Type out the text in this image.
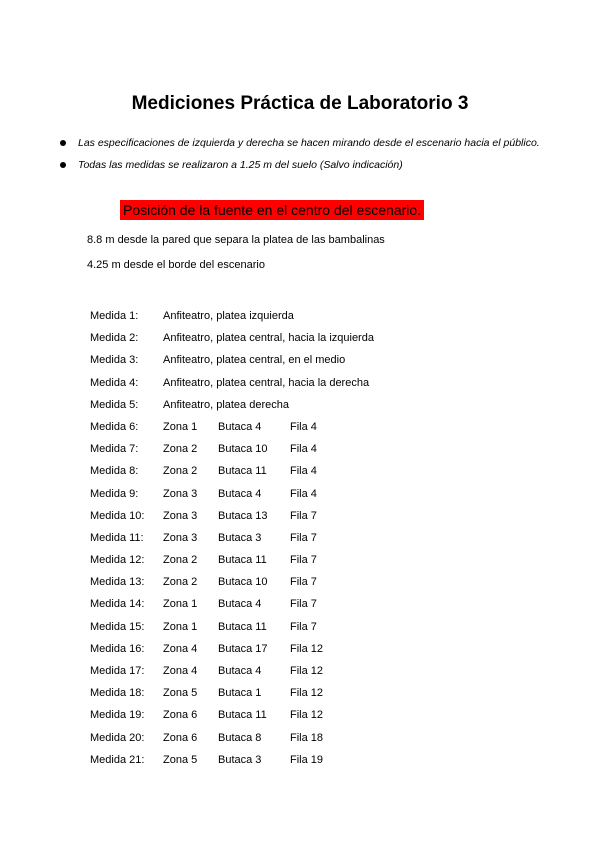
Mediciones Práctica de Laboratorio 3
Las especificaciones de izquierda y derecha se hacen mirando desde el escenario hacia el público.
Todas las medidas se realizaron a 1.25 m del suelo (Salvo indicación)
Posición de la fuente en el centro del escenario.
8.8 m desde la pared que separa la platea de las bambalinas
4.25 m desde el borde del escenario
Medida 1: Anfiteatro, platea izquierda
Medida 2: Anfiteatro, platea central, hacia la izquierda
Medida 3: Anfiteatro, platea central, en el medio
Medida 4: Anfiteatro, platea central, hacia la derecha
Medida 5: Anfiteatro, platea derecha
Medida 6: Zona 1 Butaca 4	Fila 4
Medida 7: Zona 2 Butaca 10 Fila 4
Medida 8: Zona 2 Butaca 11 Fila 4
Medida 9: Zona 3 Butaca 4	Fila 4
Medida 10: Zona 3 Butaca 13 Fila 7
Medida 11: Zona 3 Butaca 3	Fila 7
Medida 12: Zona 2 Butaca 11 Fila 7
Medida 13: Zona 2 Butaca 10 Fila 7
Medida 14: Zona 1 Butaca 4	Fila 7
Medida 15: Zona 1 Butaca 11 Fila 7
Medida 16: Zona 4 Butaca 17 Fila 12
Medida 17: Zona 4 Butaca 4	Fila 12
Medida 18: Zona 5 Butaca 1	Fila 12
Medida 19: Zona 6 Butaca 11 Fila 12
Medida 20: Zona 6 Butaca 8	Fila 18
Medida 21: Zona 5 Butaca 3	Fila 19
